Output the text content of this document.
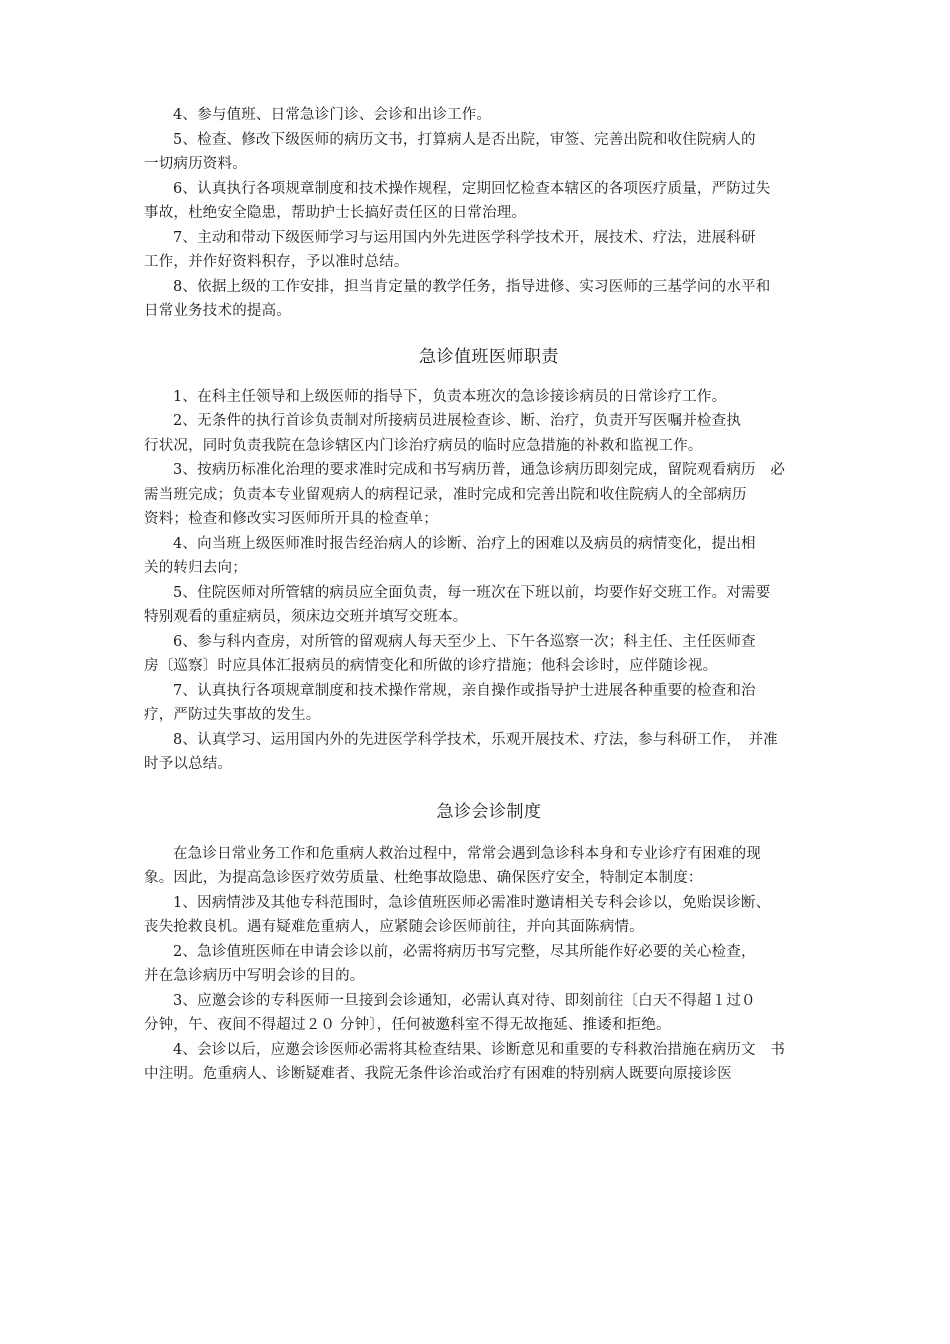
4、参与值班、日常急诊门诊、会诊和出诊工作。

5、检查、修改下级医师的病历文书，打算病人是否出院，审签、完善出院和收住院病人的
一切病历资料。

6、认真执行各项规章制度和技术操作规程，定期回忆检查本辖区的各项医疗质量，严防过失
事故，杜绝安全隐患，帮助护士长搞好责任区的日常治理。

7、主动和带动下级医师学习与运用国内外先进医学科学技术开，展技术、疗法，进展科研
工作，并作好资料积存，予以准时总结。

8、依据上级的工作安排，担当肯定量的教学任务，指导进修、实习医师的三基学问的水平和
日常业务技术的提高。

急诊值班医师职责

1、在科主任领导和上级医师的指导下，负责本班次的急诊接诊病员的日常诊疗工作。

2、无条件的执行首诊负责制对所接病员进展检查诊、断、治疗，负责开写医嘱并检查执
行状况，同时负责我院在急诊辖区内门诊治疗病员的临时应急措施的补救和监视工作。

3、按病历标准化治理的要求准时完成和书写病历普，通急诊病历即刻完成，留院观看病历　必
需当班完成；负责本专业留观病人的病程记录，准时完成和完善出院和收住院病人的全部病历
资料；检查和修改实习医师所开具的检查单；

4、向当班上级医师准时报告经治病人的诊断、治疗上的困难以及病员的病情变化，提出相
关的转归去向；

5、住院医师对所管辖的病员应全面负责，每一班次在下班以前，均要作好交班工作。对需要
特别观看的重症病员，须床边交班并填写交班本。

6、参与科内查房，对所管的留观病人每天至少上、下午各巡察一次；科主任、主任医师查
房〔巡察〕时应具体汇报病员的病情变化和所做的诊疗措施；他科会诊时，应伴随诊视。

7、认真执行各项规章制度和技术操作常规，亲自操作或指导护士进展各种重要的检查和治
疗，严防过失事故的发生。

8、认真学习、运用国内外的先进医学科学技术，乐观开展技术、疗法，参与科研工作，　并准
时予以总结。

急诊会诊制度

在急诊日常业务工作和危重病人救治过程中，常常会遇到急诊科本身和专业诊疗有困难的现
象。因此，为提高急诊医疗效劳质量、杜绝事故隐患、确保医疗安全，特制定本制度：

1、因病情涉及其他专科范围时，急诊值班医师必需准时邀请相关专科会诊以，免贻误诊断、
丧失抢救良机。遇有疑难危重病人，应紧随会诊医师前往，并向其面陈病情。

2、急诊值班医师在申请会诊以前，必需将病历书写完整，尽其所能作好必要的关心检查，
并在急诊病历中写明会诊的目的。

3、应邀会诊的专科医师一旦接到会诊通知，必需认真对待、即刻前往〔白天不得超１过０
分钟，午、夜间不得超过２０ 分钟〕，任何被邀科室不得无故拖延、推诿和拒绝。

4、会诊以后，应邀会诊医师必需将其检查结果、诊断意见和重要的专科救治措施在病历文　书
中注明。危重病人、诊断疑难者、我院无条件诊治或治疗有困难的特别病人既要向原接诊医
